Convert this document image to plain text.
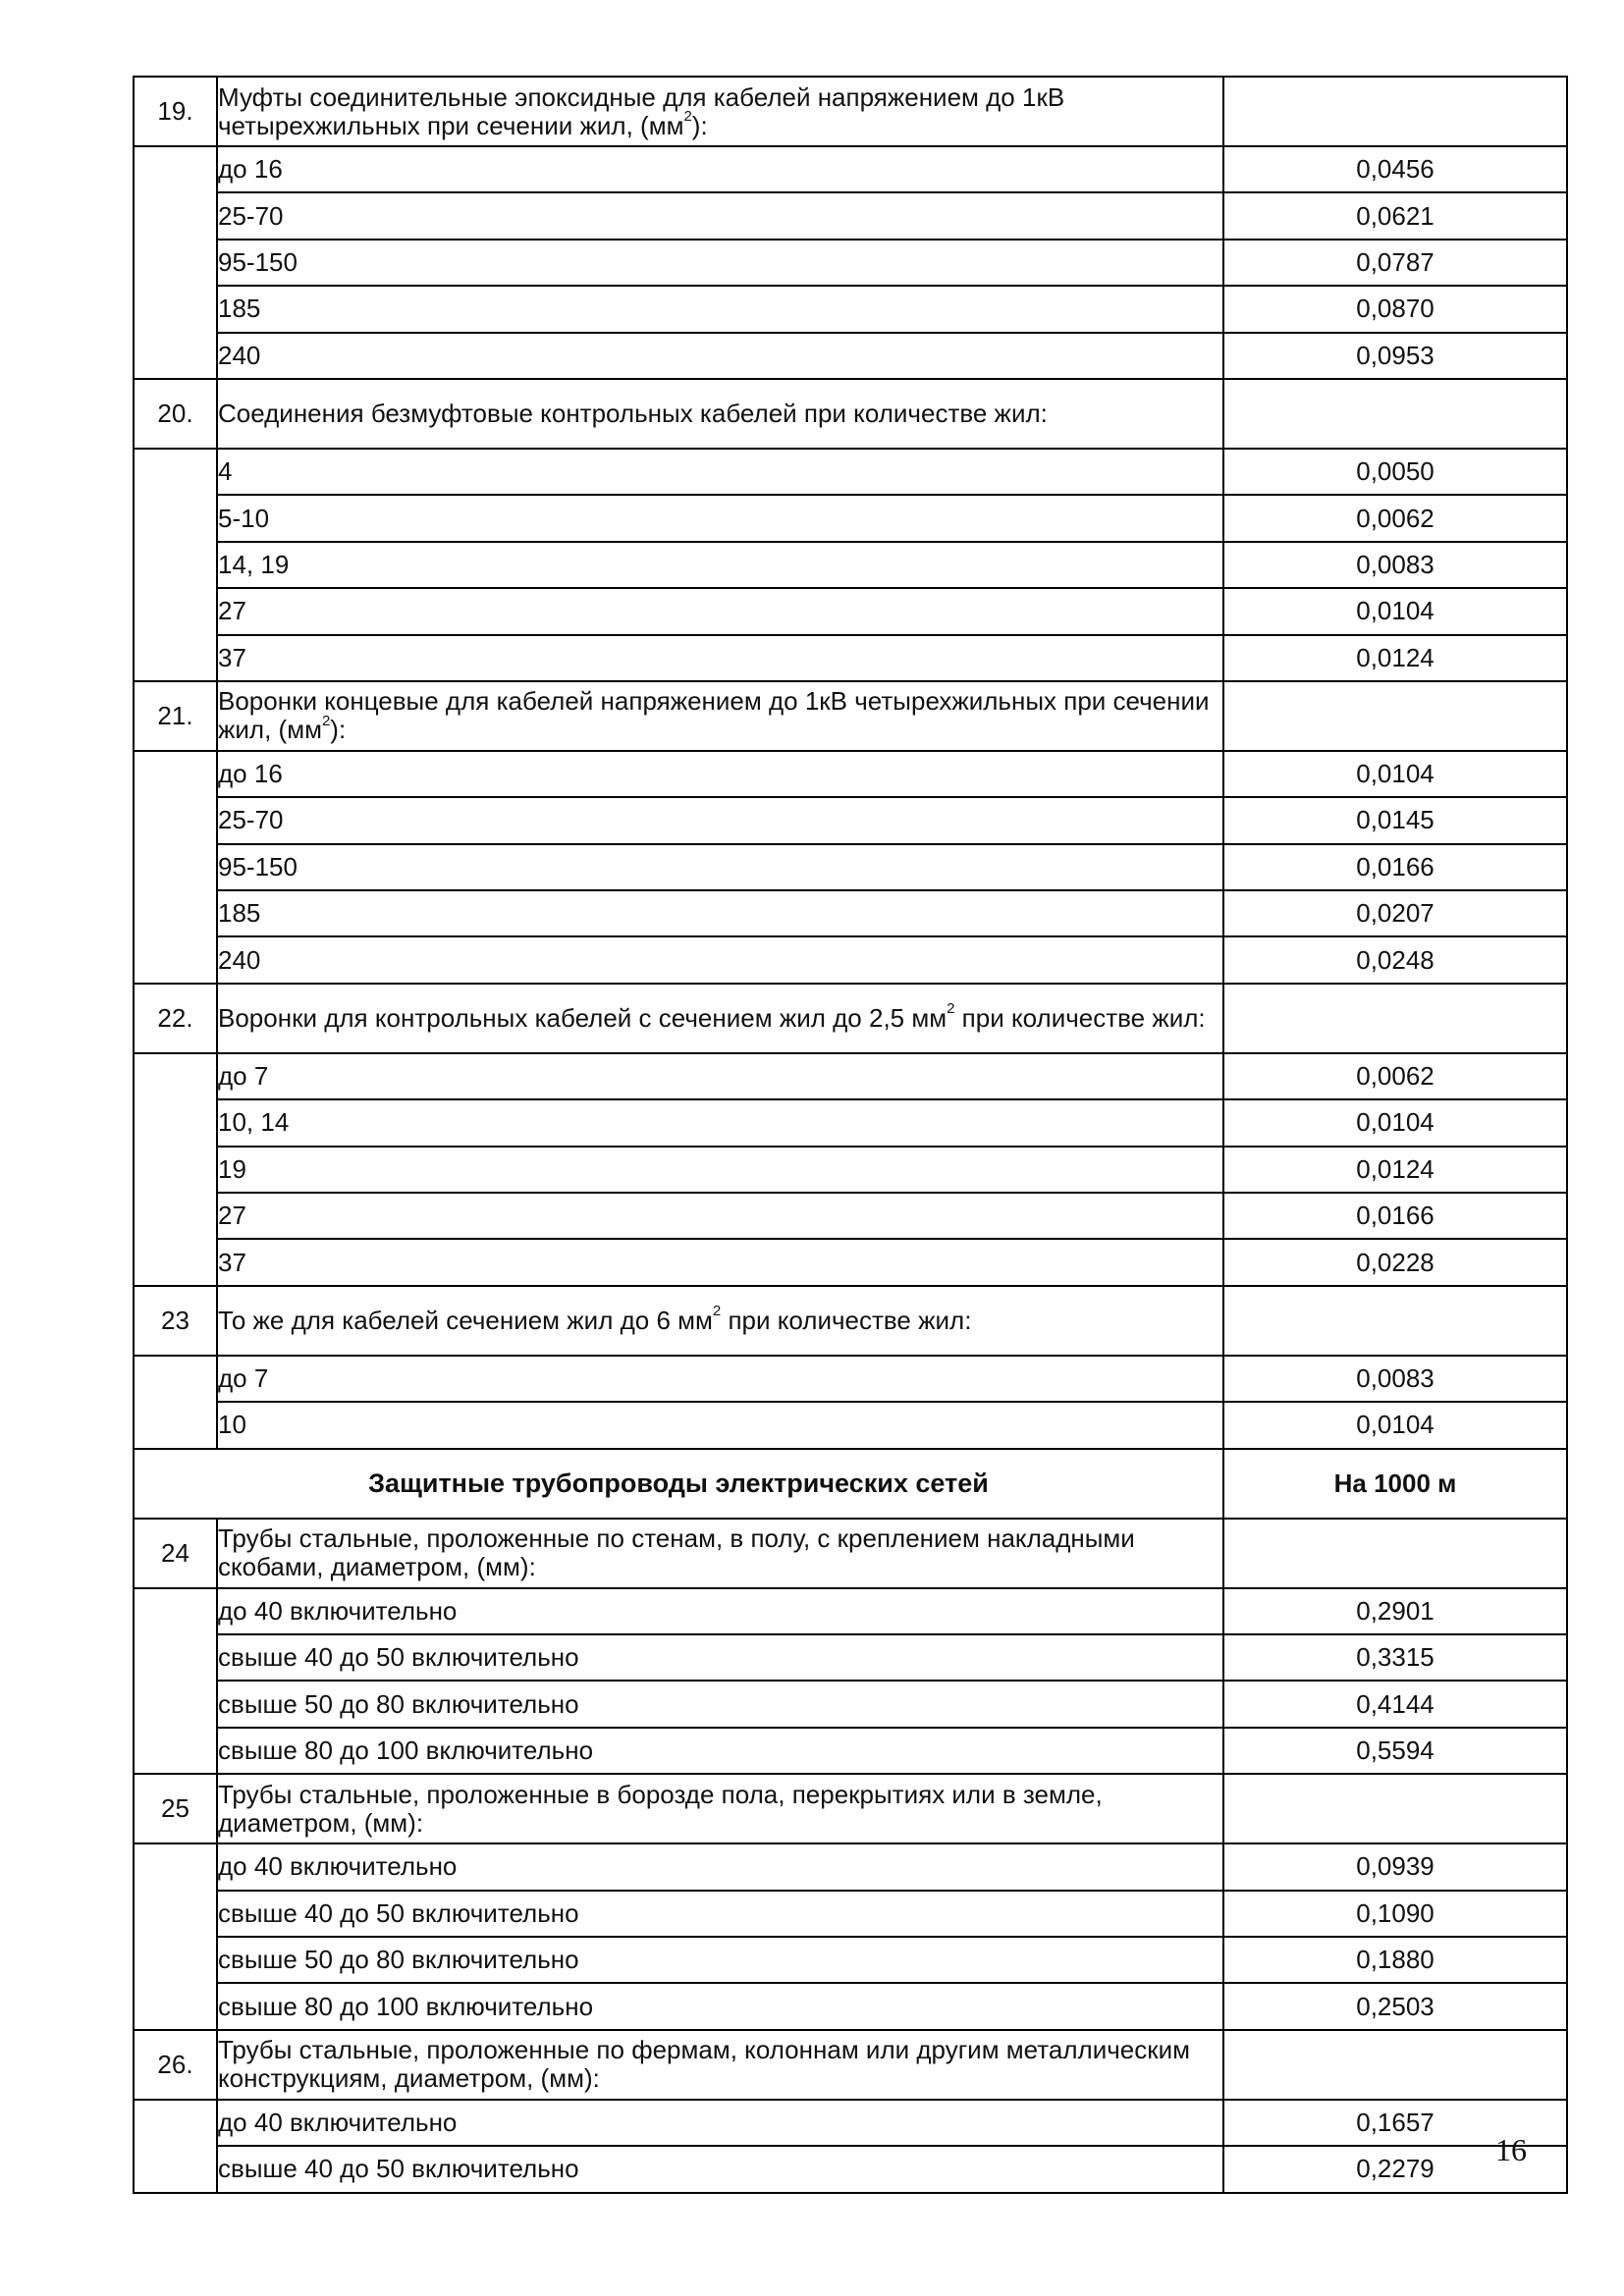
19.	Муфты соединительные эпоксидные для кабелей напряжением до 1кВ четырехжильных при сечении жил, $(мм^2)$:	
	до 16	0,0456
	25-70	0,0621
	95-150	0,0787
	185	0,0870
	240	0,0953
20.	Соединения безмуфтовые контрольных кабелей при количестве жил:	
	4	0,0050
	5-10	0,0062
	14, 19	0,0083
	27	0,0104
	37	0,0124
21.	Воронки концевые для кабелей напряжением до 1кВ четырехжильных при сечении жил, $(мм^2)$:	
	до 16	0,0104
	25-70	0,0145
	95-150	0,0166
	185	0,0207
	240	0,0248
22.	Воронки для контрольных кабелей с сечением жил до 2,5 $мм^2$ при количестве жил:	
	до 7	0,0062
	10, 14	0,0104
	19	0,0124
	27	0,0166
	37	0,0228
23	То же для кабелей сечением жил до 6 $мм^2$ при количестве жил:	
	до 7	0,0083
	10	0,0104
Защитные трубопроводы электрических сетей		На 1000 м
24	Трубы стальные, проложенные по стенам, в полу, с креплением накладными скобами, диаметром, (мм):	
	до 40 включительно	0,2901
	свыше 40 до 50 включительно	0,3315
	свыше 50 до 80 включительно	0,4144
	свыше 80 до 100 включительно	0,5594
25	Трубы стальные, проложенные в борозде пола, перекрытиях или в земле, диаметром, (мм):	
	до 40 включительно	0,0939
	свыше 40 до 50 включительно	0,1090
	свыше 50 до 80 включительно	0,1880
	свыше 80 до 100 включительно	0,2503
26.	Трубы стальные, проложенные по фермам, колоннам или другим металлическим конструкциям, диаметром, (мм):	
	до 40 включительно	0,1657
	свыше 40 до 50 включительно	0,2279
16
